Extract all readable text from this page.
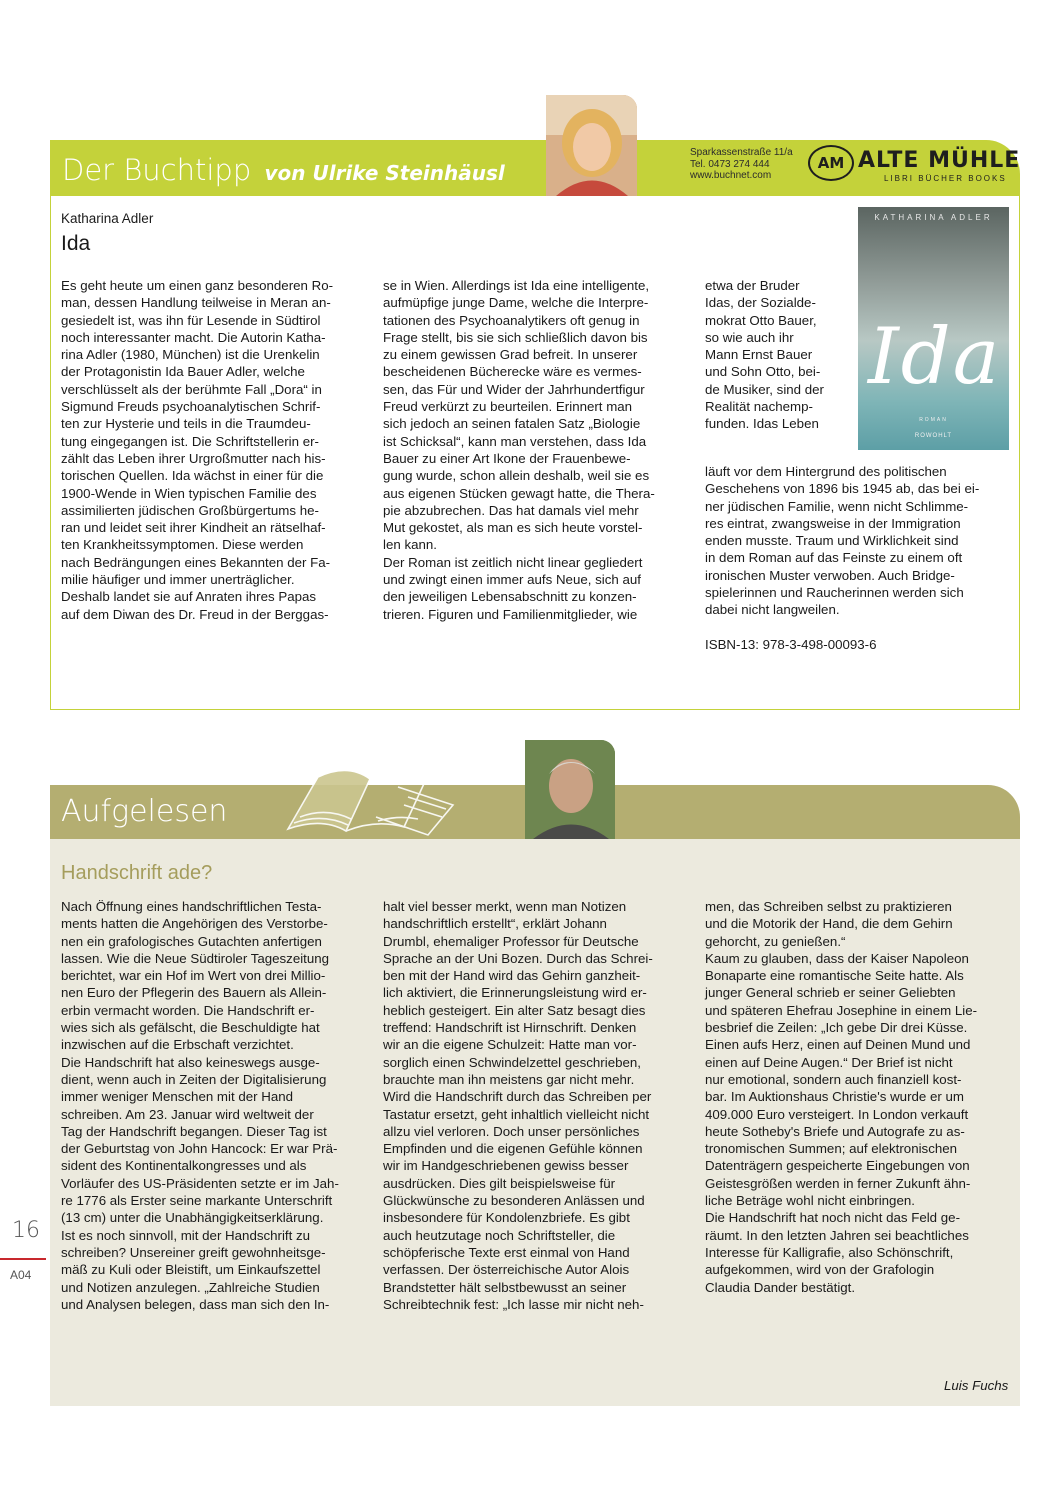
Der Buchtipp von Ulrike Steinhäusl
Sparkassenstraße 11/a
Tel. 0473 274 444
www.buchnet.com
AM ALTE MÜHLE
LIBRI BÜCHER BOOKS
Katharina Adler
Ida
KATHARINA ADLER
Ida
ROMAN
ROWOHLT

Es geht heute um einen ganz besonderen Ro-

man, dessen Handlung teilweise in Meran an-

gesiedelt ist, was ihn für Lesende in Südtirol

noch interessanter macht. Die Autorin Katha-

rina Adler (1980, München) ist die Urenkelin

der Protagonistin Ida Bauer Adler, welche

verschlüsselt als der berühmte Fall „Dora“ in

Sigmund Freuds psychoanalytischen Schrif-

ten zur Hysterie und teils in die Traumdeu-

tung eingegangen ist. Die Schriftstellerin er-

zählt das Leben ihrer Urgroßmutter nach his-

torischen Quellen. Ida wächst in einer für die

1900-Wende in Wien typischen Familie des

assimilierten jüdischen Großbürgertums he-

ran und leidet seit ihrer Kindheit an rätselhaf-

ten Krankheitssymptomen. Diese werden

nach Bedrängungen eines Bekannten der Fa-

milie häufiger und immer unerträglicher.

Deshalb landet sie auf Anraten ihres Papas

auf dem Diwan des Dr. Freud in der Berggas-

se in Wien. Allerdings ist Ida eine intelligente,

aufmüpfige junge Dame, welche die Interpre-

tationen des Psychoanalytikers oft genug in

Frage stellt, bis sie sich schließlich davon bis

zu einem gewissen Grad befreit. In unserer

bescheidenen Bücherecke wäre es vermes-

sen, das Für und Wider der Jahrhundertfigur

Freud verkürzt zu beurteilen. Erinnert man

sich jedoch an seinen fatalen Satz „Biologie

ist Schicksal“, kann man verstehen, dass Ida

Bauer zu einer Art Ikone der Frauenbewe-

gung wurde, schon allein deshalb, weil sie es

aus eigenen Stücken gewagt hatte, die Thera-

pie abzubrechen. Das hat damals viel mehr

Mut gekostet, als man es sich heute vorstel-

len kann.

Der Roman ist zeitlich nicht linear gegliedert

und zwingt einen immer aufs Neue, sich auf

den jeweiligen Lebensabschnitt zu konzen-

trieren. Figuren und Familienmitglieder, wie

etwa der Bruder

Idas, der Sozialde-

mokrat Otto Bauer,

so wie auch ihr

Mann Ernst Bauer

und Sohn Otto, bei-

de Musiker, sind der

Realität nachemp-

funden. Idas Leben

läuft vor dem Hintergrund des politischen

Geschehens von 1896 bis 1945 ab, das bei ei-

ner jüdischen Familie, wenn nicht Schlimme-

res eintrat, zwangsweise in der Immigration

enden musste. Traum und Wirklichkeit sind

in dem Roman auf das Feinste zu einem oft

ironischen Muster verwoben. Auch Bridge-

spielerinnen und Raucherinnen werden sich

dabei nicht langweilen.

ISBN-13: 978-3-498-00093-6

Aufgelesen
Handschrift ade?

Nach Öffnung eines handschriftlichen Testa-

ments hatten die Angehörigen des Verstorbe-

nen ein grafologisches Gutachten anfertigen

lassen. Wie die Neue Südtiroler Tageszeitung

berichtet, war ein Hof im Wert von drei Millio-

nen Euro der Pflegerin des Bauern als Allein-

erbin vermacht worden. Die Handschrift er-

wies sich als gefälscht, die Beschuldigte hat

inzwischen auf die Erbschaft verzichtet.

Die Handschrift hat also keineswegs ausge-

dient, wenn auch in Zeiten der Digitalisierung

immer weniger Menschen mit der Hand

schreiben. Am 23. Januar wird weltweit der

Tag der Handschrift begangen. Dieser Tag ist

der Geburtstag von John Hancock: Er war Prä-

sident des Kontinentalkongresses und als

Vorläufer des US-Präsidenten setzte er im Jah-

re 1776 als Erster seine markante Unterschrift

(13 cm) unter die Unabhängigkeitserklärung.

Ist es noch sinnvoll, mit der Handschrift zu

schreiben? Unsereiner greift gewohnheitsge-

mäß zu Kuli oder Bleistift, um Einkaufszettel

und Notizen anzulegen. „Zahlreiche Studien

und Analysen belegen, dass man sich den In-

halt viel besser merkt, wenn man Notizen

handschriftlich erstellt“, erklärt Johann

Drumbl, ehemaliger Professor für Deutsche

Sprache an der Uni Bozen. Durch das Schrei-

ben mit der Hand wird das Gehirn ganzheit-

lich aktiviert, die Erinnerungsleistung wird er-

heblich gesteigert. Ein alter Satz besagt dies

treffend: Handschrift ist Hirnschrift. Denken

wir an die eigene Schulzeit: Hatte man vor-

sorglich einen Schwindelzettel geschrieben,

brauchte man ihn meistens gar nicht mehr.

Wird die Handschrift durch das Schreiben per

Tastatur ersetzt, geht inhaltlich vielleicht nicht

allzu viel verloren. Doch unser persönliches

Empfinden und die eigenen Gefühle können

wir im Handgeschriebenen gewiss besser

ausdrücken. Dies gilt beispielsweise für

Glückwünsche zu besonderen Anlässen und

insbesondere für Kondolenzbriefe. Es gibt

auch heutzutage noch Schriftsteller, die

schöpferische Texte erst einmal von Hand

verfassen. Der österreichische Autor Alois

Brandstetter hält selbstbewusst an seiner

Schreibtechnik fest: „Ich lasse mir nicht neh-

men, das Schreiben selbst zu praktizieren

und die Motorik der Hand, die dem Gehirn

gehorcht, zu genießen.“

Kaum zu glauben, dass der Kaiser Napoleon

Bonaparte eine romantische Seite hatte. Als

junger General schrieb er seiner Geliebten

und späteren Ehefrau Josephine in einem Lie-

besbrief die Zeilen: „Ich gebe Dir drei Küsse.

Einen aufs Herz, einen auf Deinen Mund und

einen auf Deine Augen.“ Der Brief ist nicht

nur emotional, sondern auch finanziell kost-

bar. Im Auktionshaus Christie's wurde er um

409.000 Euro versteigert. In London verkauft

heute Sotheby's Briefe und Autografe zu as-

tronomischen Summen; auf elektronischen

Datenträgern gespeicherte Eingebungen von

Geistesgrößen werden in ferner Zukunft ähn-

liche Beträge wohl nicht einbringen.

Die Handschrift hat noch nicht das Feld ge-

räumt. In den letzten Jahren sei beachtliches

Interesse für Kalligrafie, also Schönschrift,

aufgekommen, wird von der Grafologin

Claudia Dander bestätigt.

Luis Fuchs
16
A04
